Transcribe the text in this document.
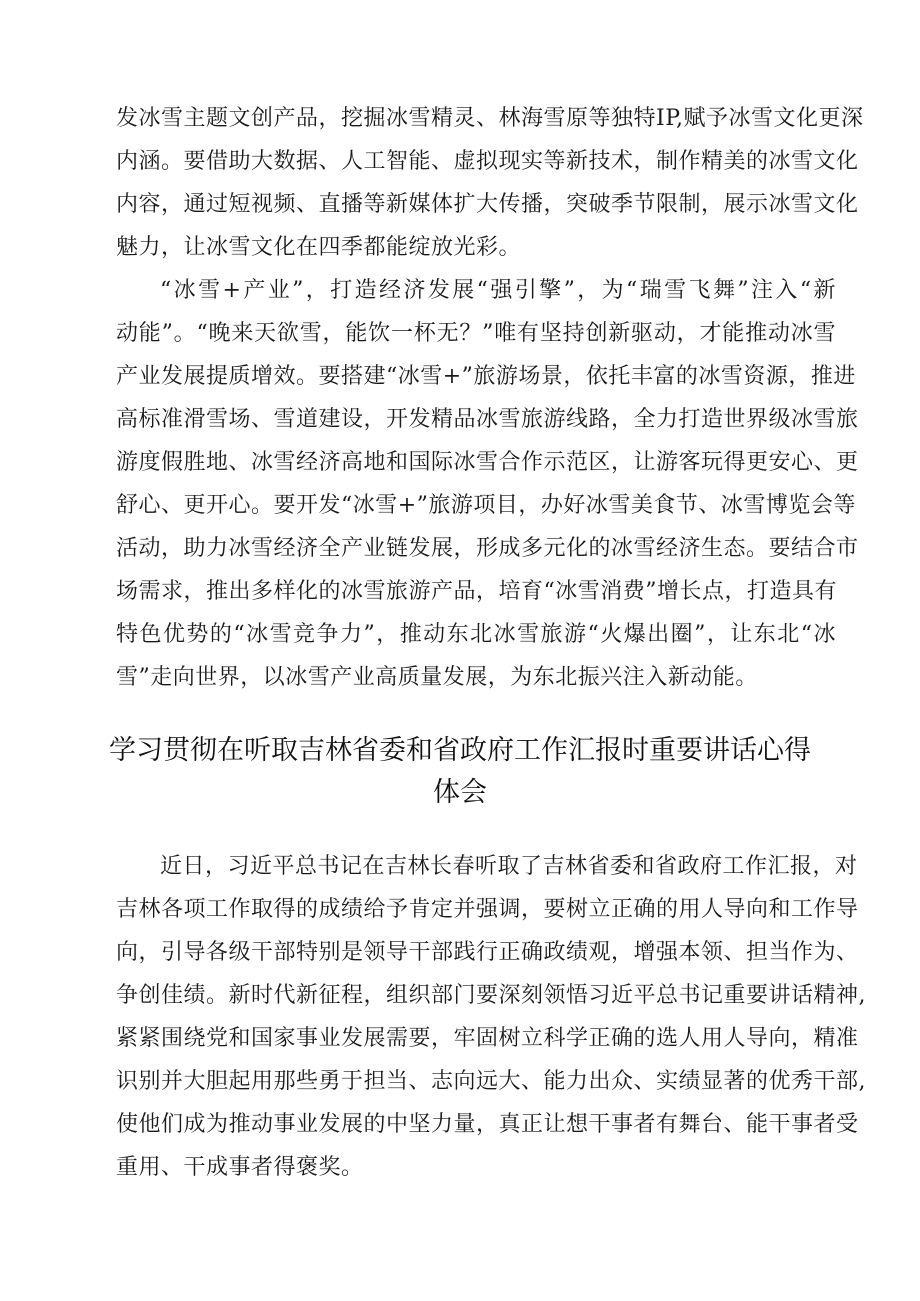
发冰雪主题文创产品，挖掘冰雪精灵、林海雪原等独特IP,赋予冰雪文化更深
内涵。要借助大数据、人工智能、虚拟现实等新技术，制作精美的冰雪文化
内容，通过短视频、直播等新媒体扩大传播，突破季节限制，展示冰雪文化
魅力，让冰雪文化在四季都能绽放光彩。
“冰雪+产业”，打造经济发展“强引擎”，为“瑞雪飞舞”注入“新
动能”。“晚来天欲雪，能饮一杯无？”唯有坚持创新驱动，才能推动冰雪
产业发展提质增效。要搭建“冰雪+”旅游场景，依托丰富的冰雪资源，推进
高标准滑雪场、雪道建设，开发精品冰雪旅游线路，全力打造世界级冰雪旅
游度假胜地、冰雪经济高地和国际冰雪合作示范区，让游客玩得更安心、更
舒心、更开心。要开发“冰雪+”旅游项目，办好冰雪美食节、冰雪博览会等
活动，助力冰雪经济全产业链发展，形成多元化的冰雪经济生态。要结合市
场需求，推出多样化的冰雪旅游产品，培育“冰雪消费”增长点，打造具有
特色优势的“冰雪竞争力”，推动东北冰雪旅游“火爆出圈”，让东北“冰
雪”走向世界，以冰雪产业高质量发展，为东北振兴注入新动能。
学习贯彻在听取吉林省委和省政府工作汇报时重要讲话心得
体会
近日，习近平总书记在吉林长春听取了吉林省委和省政府工作汇报，对
吉林各项工作取得的成绩给予肯定并强调，要树立正确的用人导向和工作导
向，引导各级干部特别是领导干部践行正确政绩观，增强本领、担当作为、
争创佳绩。新时代新征程，组织部门要深刻领悟习近平总书记重要讲话精神,
紧紧围绕党和国家事业发展需要，牢固树立科学正确的选人用人导向，精准
识别并大胆起用那些勇于担当、志向远大、能力出众、实绩显著的优秀干部,
使他们成为推动事业发展的中坚力量，真正让想干事者有舞台、能干事者受
重用、干成事者得褒奖。
